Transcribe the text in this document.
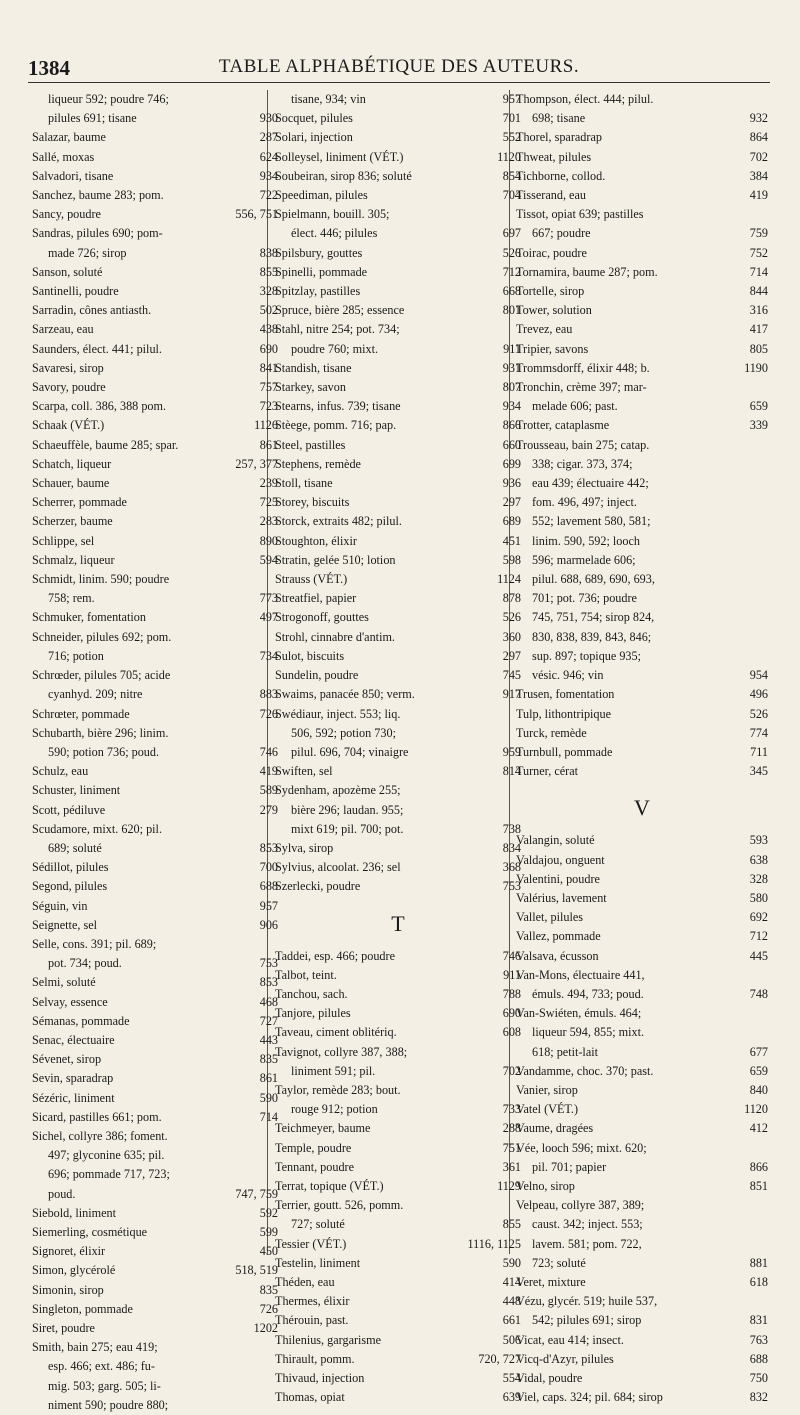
1384	TABLE ALPHABÉTIQUE DES AUTEURS.
liqueur 592; poudre 746;
pilules 691; tisane	930
Salazar, baume	287
Sallé, moxas	624
Salvadori, tisane	934
Sanchez, baume 283; pom.	722
Sancy, poudre	556, 751
Sandras, pilules 690; pom-
made 726; sirop	838
Sanson, soluté	855
Santinelli, poudre	328
Sarradin, cônes antiasth.	502
Sarzeau, eau	438
Saunders, élect. 441; pilul.	690
Savaresi, sirop	841
Savory, poudre	757
Scarpa, coll. 386, 388 pom.	723
Schaak (VÉT.)	1126
Schaeuffèle, baume 285; spar.	861
Schatch, liqueur	257, 377
Schauer, baume	239
Scherrer, pommade	725
Scherzer, baume	283
Schlippe, sel	890
Schmalz, liqueur	594
Schmidt, linim. 590; poudre
758; rem.	773
Schmuker, fomentation	497
Schneider, pilules 692; pom.
716; potion	734
Schrœder, pilules 705; acide
cyanhyd. 209; nitre	883
Schrœter, pommade	726
Schubarth, bière 296; linim.
590; potion 736; poud.	746
Schulz, eau	419
Schuster, liniment	589
Scott, pédiluve	279
Scudamore, mixt. 620; pil.
689; soluté	853
Sédillot, pilules	700
Segond, pilules	688
Séguin, vin	957
Seignette, sel	906
Selle, cons. 391; pil. 689;
pot. 734; poud.	753
Selmi, soluté	853
Selvay, essence	468
Sémanas, pommade	727
Senac, électuaire	443
Sévenet, sirop	835
Sevin, sparadrap	861
Sézéric, liniment	590
Sicard, pastilles 661; pom.	714
Sichel, collyre 386; foment.
497; glyconine 635; pil.
696; pommade 717, 723;
poud.	747, 759
Siebold, liniment	592
Siemerling, cosmétique	599
Signoret, élixir	450
Simon, glycérolé	518, 519
Simonin, sirop	835
Singleton, pommade	726
Siret, poudre	1202
Smith, bain 275; eau 419;
esp. 466; ext. 486; fu-
mig. 503; garg. 505; li-
niment 590; poudre 880;
tisane, 934; vin	957
Socquet, pilules	701
Solari, injection	552
Solleysel, liniment (VÉT.)	1120
Soubeiran, sirop 836; soluté	854
Speediman, pilules	704
Spielmann, bouill. 305;
élect. 446; pilules	697
Spilsbury, gouttes	526
Spinelli, pommade	712
Spitzlay, pastilles	668
Spruce, bière 285; essence	801
Stahl, nitre 254; pot. 734;
poudre 760; mixt.	911
Standish, tisane	931
Starkey, savon	807
Stearns, infus. 739; tisane	934
Stèege, pomm. 716; pap.	866
Steel, pastilles	660
Stephens, remède	699
Stoll, tisane	936
Storey, biscuits	297
Storck, extraits 482; pilul.	689
Stoughton, élixir	451
Stratin, gelée 510; lotion	598
Strauss (VÉT.)	1124
Streatfiel, papier	878
Strogonoff, gouttes	526
Strohl, cinnabre d'antim.	360
Sulot, biscuits	297
Sundelin, poudre	745
Swaims, panacée 850; verm.	917
Swédiaur, inject. 553; liq.
506, 592; potion 730;
pilul. 696, 704; vinaigre	959
Swiften, sel	814
Sydenham, apozème 255;
bière 296; laudan. 955;
mixt 619; pil. 700; pot.	738
Sylva, sirop	834
Sylvius, alcoolat. 236; sel	368
Szerlecki, poudre	753
T
Taddei, esp. 466; poudre	746
Talbot, teint.	911
Tanchou, sach.	788
Tanjore, pilules	690
Taveau, ciment oblitériq.	608
Tavignot, collyre 387, 388;
liniment 591; pil.	702
Taylor, remède 283; bout.
rouge 912; potion	733
Teichmeyer, baume	288
Temple, poudre	751
Tennant, poudre	361
Terrat, topique (VÉT.)	1129
Terrier, goutt. 526, pomm.
727; soluté	855
Tessier (VÉT.)	1116, 1125
Testelin, liniment	590
Théden, eau	414
Thermes, élixir	448
Thérouin, past.	661
Thilenius, gargarisme	506
Thirault, pomm.	720, 727
Thivaud, injection	554
Thomas, opiat	639
Thompson, élect. 444; pilul.
698; tisane	932
Thorel, sparadrap	864
Thweat, pilules	702
Tichborne, collod.	384
Tisserand, eau	419
Tissot, opiat 639; pastilles
667; poudre	759
Toirac, poudre	752
Tornamira, baume 287; pom.	714
Tortelle, sirop	844
Tower, solution	316
Trevez, eau	417
Tripier, savons	805
Trommsdorff, élixir 448; b.	1190
Tronchin, crème 397; mar-
melade 606; past.	659
Trotter, cataplasme	339
Trousseau, bain 275; catap.
338; cigar. 373, 374;
eau 439; électuaire 442;
fom. 496, 497; inject.
552; lavement 580, 581;
linim. 590, 592; looch
596; marmelade 606;
pilul. 688, 689, 690, 693,
701; pot. 736; poudre
745, 751, 754; sirop 824,
830, 838, 839, 843, 846;
sup. 897; topique 935;
vésic. 946; vin	954
Trusen, fomentation	496
Tulp, lithontripique	526
Turck, remède	774
Turnbull, pommade	711
Turner, cérat	345
V
Valangin, soluté	593
Valdajou, onguent	638
Valentini, poudre	328
Valérius, lavement	580
Vallet, pilules	692
Vallez, pommade	712
Valsava, écusson	445
Van-Mons, électuaire 441,
émuls. 494, 733; poud.	748
Van-Swiéten, émuls. 464;
liqueur 594, 855; mixt.
618; petit-lait	677
Vandamme, choc. 370; past.	659
Vanier, sirop	840
Vatel (VÉT.)	1120
Vaume, dragées	412
Vée, looch 596; mixt. 620;
pil. 701; papier	866
Velno, sirop	851
Velpeau, collyre 387, 389;
caust. 342; inject. 553;
lavem. 581; pom. 722,
723; soluté	881
Veret, mixture	618
Vézu, glycér. 519; huile 537,
542; pilules 691; sirop	831
Vicat, eau 414; insect.	763
Vicq-d'Azyr, pilules	688
Vidal, poudre	750
Viel, caps. 324; pil. 684; sirop	832
